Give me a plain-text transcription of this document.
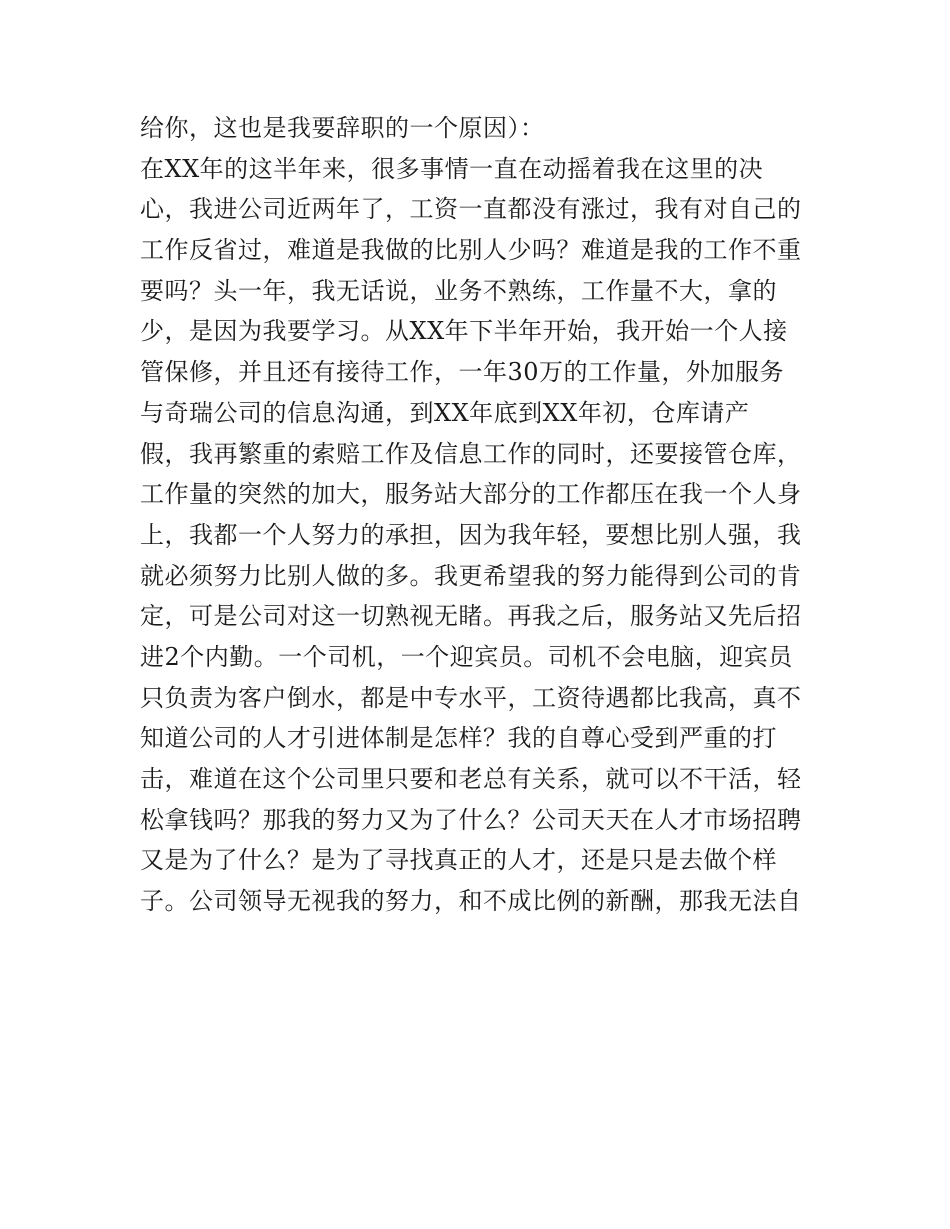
给你，这也是我要辞职的一个原因）：
在XX年的这半年来，很多事情一直在动摇着我在这里的决
心，我进公司近两年了，工资一直都没有涨过，我有对自己的
工作反省过，难道是我做的比别人少吗？难道是我的工作不重
要吗？头一年，我无话说，业务不熟练，工作量不大，拿的
少，是因为我要学习。从XX年下半年开始，我开始一个人接
管保修，并且还有接待工作，一年30万的工作量，外加服务
与奇瑞公司的信息沟通，到XX年底到XX年初，仓库请产
假，我再繁重的索赔工作及信息工作的同时，还要接管仓库，
工作量的突然的加大，服务站大部分的工作都压在我一个人身
上，我都一个人努力的承担，因为我年轻，要想比别人强，我
就必须努力比别人做的多。我更希望我的努力能得到公司的肯
定，可是公司对这一切熟视无睹。再我之后，服务站又先后招
进2个内勤。一个司机，一个迎宾员。司机不会电脑，迎宾员
只负责为客户倒水，都是中专水平，工资待遇都比我高，真不
知道公司的人才引进体制是怎样？我的自尊心受到严重的打
击，难道在这个公司里只要和老总有关系，就可以不干活，轻
松拿钱吗？那我的努力又为了什么？公司天天在人才市场招聘
又是为了什么？是为了寻找真正的人才，还是只是去做个样
子。公司领导无视我的努力，和不成比例的新酬，那我无法自
